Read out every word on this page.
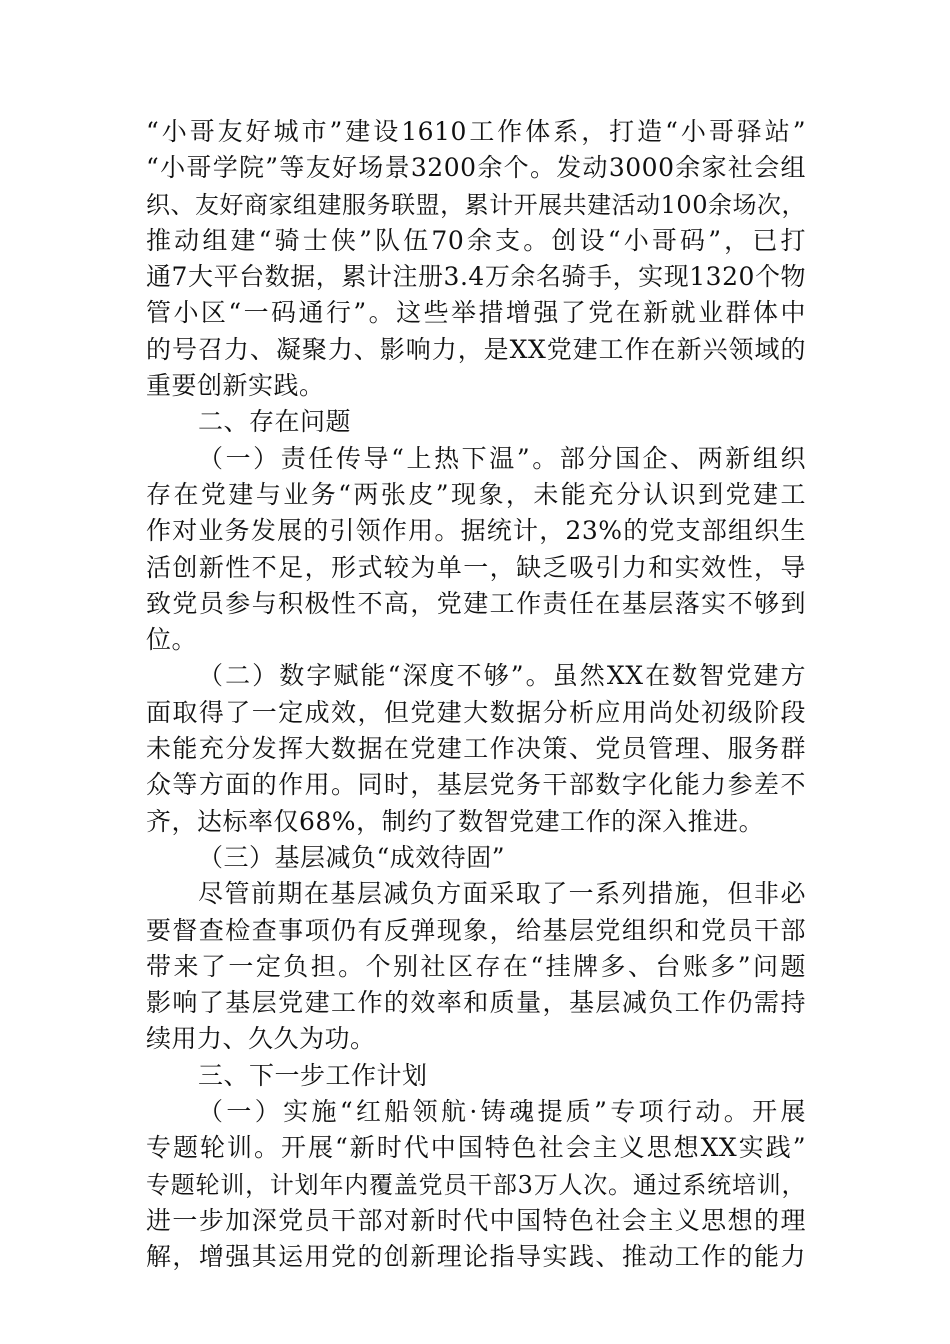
“小哥友好城市”建设1610工作体系，打造“小哥驿站”
“小哥学院”等友好场景3200余个。发动3000余家社会组
织、友好商家组建服务联盟，累计开展共建活动100余场次，
推动组建“骑士侠”队伍70余支。创设“小哥码”，已打
通7大平台数据，累计注册3.4万余名骑手，实现1320个物
管小区“一码通行”。这些举措增强了党在新就业群体中
的号召力、凝聚力、影响力，是XX党建工作在新兴领域的
重要创新实践。
二、存在问题
（一）责任传导“上热下温”。部分国企、两新组织
存在党建与业务“两张皮”现象，未能充分认识到党建工
作对业务发展的引领作用。据统计，23%的党支部组织生
活创新性不足，形式较为单一，缺乏吸引力和实效性，导
致党员参与积极性不高，党建工作责任在基层落实不够到
位。
（二）数字赋能“深度不够”。虽然XX在数智党建方
面取得了一定成效，但党建大数据分析应用尚处初级阶段
未能充分发挥大数据在党建工作决策、党员管理、服务群
众等方面的作用。同时，基层党务干部数字化能力参差不
齐，达标率仅68%，制约了数智党建工作的深入推进。
（三）基层减负“成效待固”
尽管前期在基层减负方面采取了一系列措施，但非必
要督查检查事项仍有反弹现象，给基层党组织和党员干部
带来了一定负担。个别社区存在“挂牌多、台账多”问题
影响了基层党建工作的效率和质量，基层减负工作仍需持
续用力、久久为功。
三、下一步工作计划
（一）实施“红船领航·铸魂提质”专项行动。开展
专题轮训。开展“新时代中国特色社会主义思想XX实践”
专题轮训，计划年内覆盖党员干部3万人次。通过系统培训，
进一步加深党员干部对新时代中国特色社会主义思想的理
解，增强其运用党的创新理论指导实践、推动工作的能力
